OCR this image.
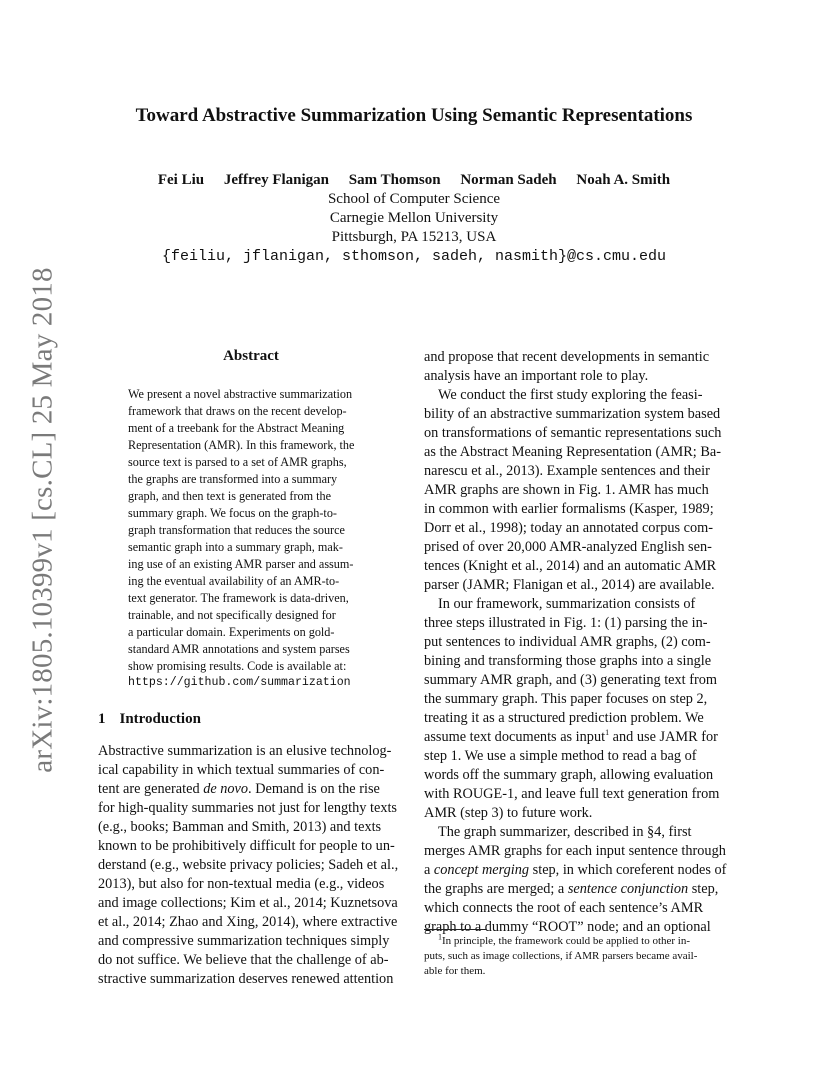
arXiv:1805.10399v1 [cs.CL] 25 May 2018
Toward Abstractive Summarization Using Semantic Representations
Fei Liu Jeffrey Flanigan Sam Thomson Norman Sadeh Noah A. Smith
School of Computer Science
Carnegie Mellon University
Pittsburgh, PA 15213, USA
{feiliu, jflanigan, sthomson, sadeh, nasmith}@cs.cmu.edu
Abstract
We present a novel abstractive summarization
framework that draws on the recent develop-
ment of a treebank for the Abstract Meaning
Representation (AMR). In this framework, the
source text is parsed to a set of AMR graphs,
the graphs are transformed into a summary
graph, and then text is generated from the
summary graph. We focus on the graph-to-
graph transformation that reduces the source
semantic graph into a summary graph, mak-
ing use of an existing AMR parser and assum-
ing the eventual availability of an AMR-to-
text generator. The framework is data-driven,
trainable, and not specifically designed for
a particular domain. Experiments on gold-
standard AMR annotations and system parses
show promising results. Code is available at:
https://github.com/summarization
1 Introduction
Abstractive summarization is an elusive technolog-
ical capability in which textual summaries of con-
tent are generated de novo. Demand is on the rise
for high-quality summaries not just for lengthy texts
(e.g., books; Bamman and Smith, 2013) and texts
known to be prohibitively difficult for people to un-
derstand (e.g., website privacy policies; Sadeh et al.,
2013), but also for non-textual media (e.g., videos
and image collections; Kim et al., 2014; Kuznetsova
et al., 2014; Zhao and Xing, 2014), where extractive
and compressive summarization techniques simply
do not suffice. We believe that the challenge of ab-
stractive summarization deserves renewed attention
and propose that recent developments in semantic
analysis have an important role to play.
We conduct the first study exploring the feasi-
bility of an abstractive summarization system based
on transformations of semantic representations such
as the Abstract Meaning Representation (AMR; Ba-
narescu et al., 2013). Example sentences and their
AMR graphs are shown in Fig. 1. AMR has much
in common with earlier formalisms (Kasper, 1989;
Dorr et al., 1998); today an annotated corpus com-
prised of over 20,000 AMR-analyzed English sen-
tences (Knight et al., 2014) and an automatic AMR
parser (JAMR; Flanigan et al., 2014) are available.
In our framework, summarization consists of
three steps illustrated in Fig. 1: (1) parsing the in-
put sentences to individual AMR graphs, (2) com-
bining and transforming those graphs into a single
summary AMR graph, and (3) generating text from
the summary graph. This paper focuses on step 2,
treating it as a structured prediction problem. We
assume text documents as input$^1$ and use JAMR for
step 1. We use a simple method to read a bag of
words off the summary graph, allowing evaluation
with ROUGE-1, and leave full text generation from
AMR (step 3) to future work.
The graph summarizer, described in §4, first
merges AMR graphs for each input sentence through
a concept merging step, in which coreferent nodes of
the graphs are merged; a sentence conjunction step,
which connects the root of each sentence’s AMR
graph to a dummy “ROOT” node; and an optional
$^1$In principle, the framework could be applied to other in-
puts, such as image collections, if AMR parsers became avail-
able for them.
